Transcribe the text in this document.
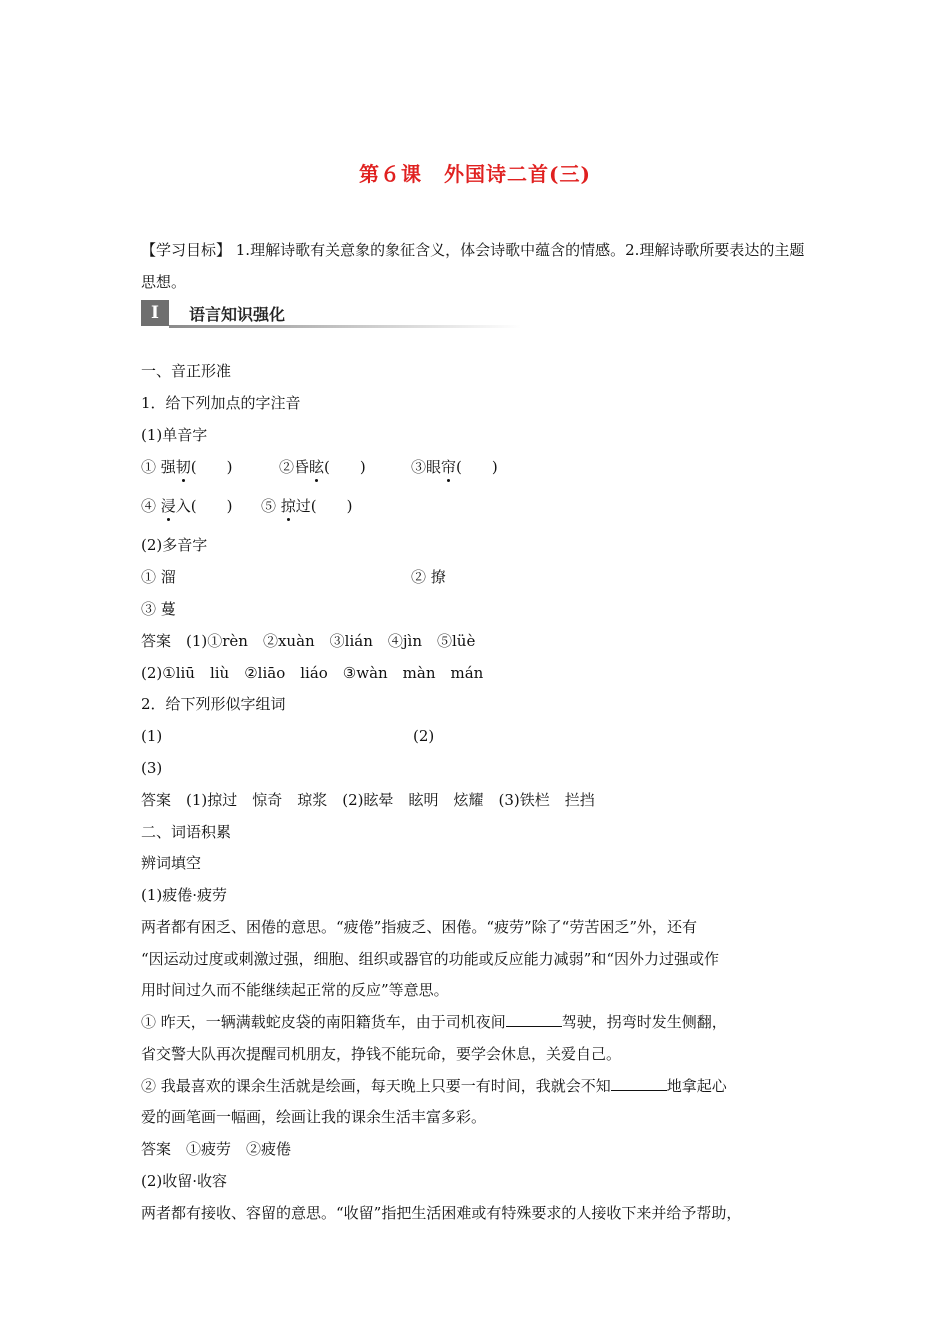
第６课 外国诗二首(三)
【学习目标】 1.理解诗歌有关意象的象征含义，体会诗歌中蕴含的情感。2.理解诗歌所要表达的主题思想。
I	语言知识强化
一、音正形准
1．给下列加点的字注音
(1)单音字
① 强韧(　　)	②昏眩(　　)	③眼帘(　　)
④ 浸入(　　) ⑤ 掠过(　　)
(2)多音字
① 溜	② 撩
③ 蔓
答案　(1)①rèn　②xuàn　③lián　④jìn　⑤lüè
(2)①liū　liù　②liāo　liáo　③wàn　màn　mán
2．给下列形似字组词
(1)	(2)
(3)
答案　(1)掠过　惊奇　琼浆　(2)眩晕　眩明　炫耀　(3)铁栏　拦挡
二、词语积累
辨词填空
(1)疲倦·疲劳
两者都有困乏、困倦的意思。“疲倦”指疲乏、困倦。“疲劳”除了“劳苦困乏”外，还有
“因运动过度或刺激过强，细胞、组织或器官的功能或反应能力减弱”和“因外力过强或作
用时间过久而不能继续起正常的反应”等意思。
① 昨天，一辆满载蛇皮袋的南阳籍货车，由于司机夜间	驾驶，拐弯时发生侧翻，
省交警大队再次提醒司机朋友，挣钱不能玩命，要学会休息，关爱自己。
② 我最喜欢的课余生活就是绘画，每天晚上只要一有时间，我就会不知	地拿起心
爱的画笔画一幅画，绘画让我的课余生活丰富多彩。
答案　①疲劳　②疲倦
(2)收留·收容
两者都有接收、容留的意思。“收留”指把生活困难或有特殊要求的人接收下来并给予帮助，
